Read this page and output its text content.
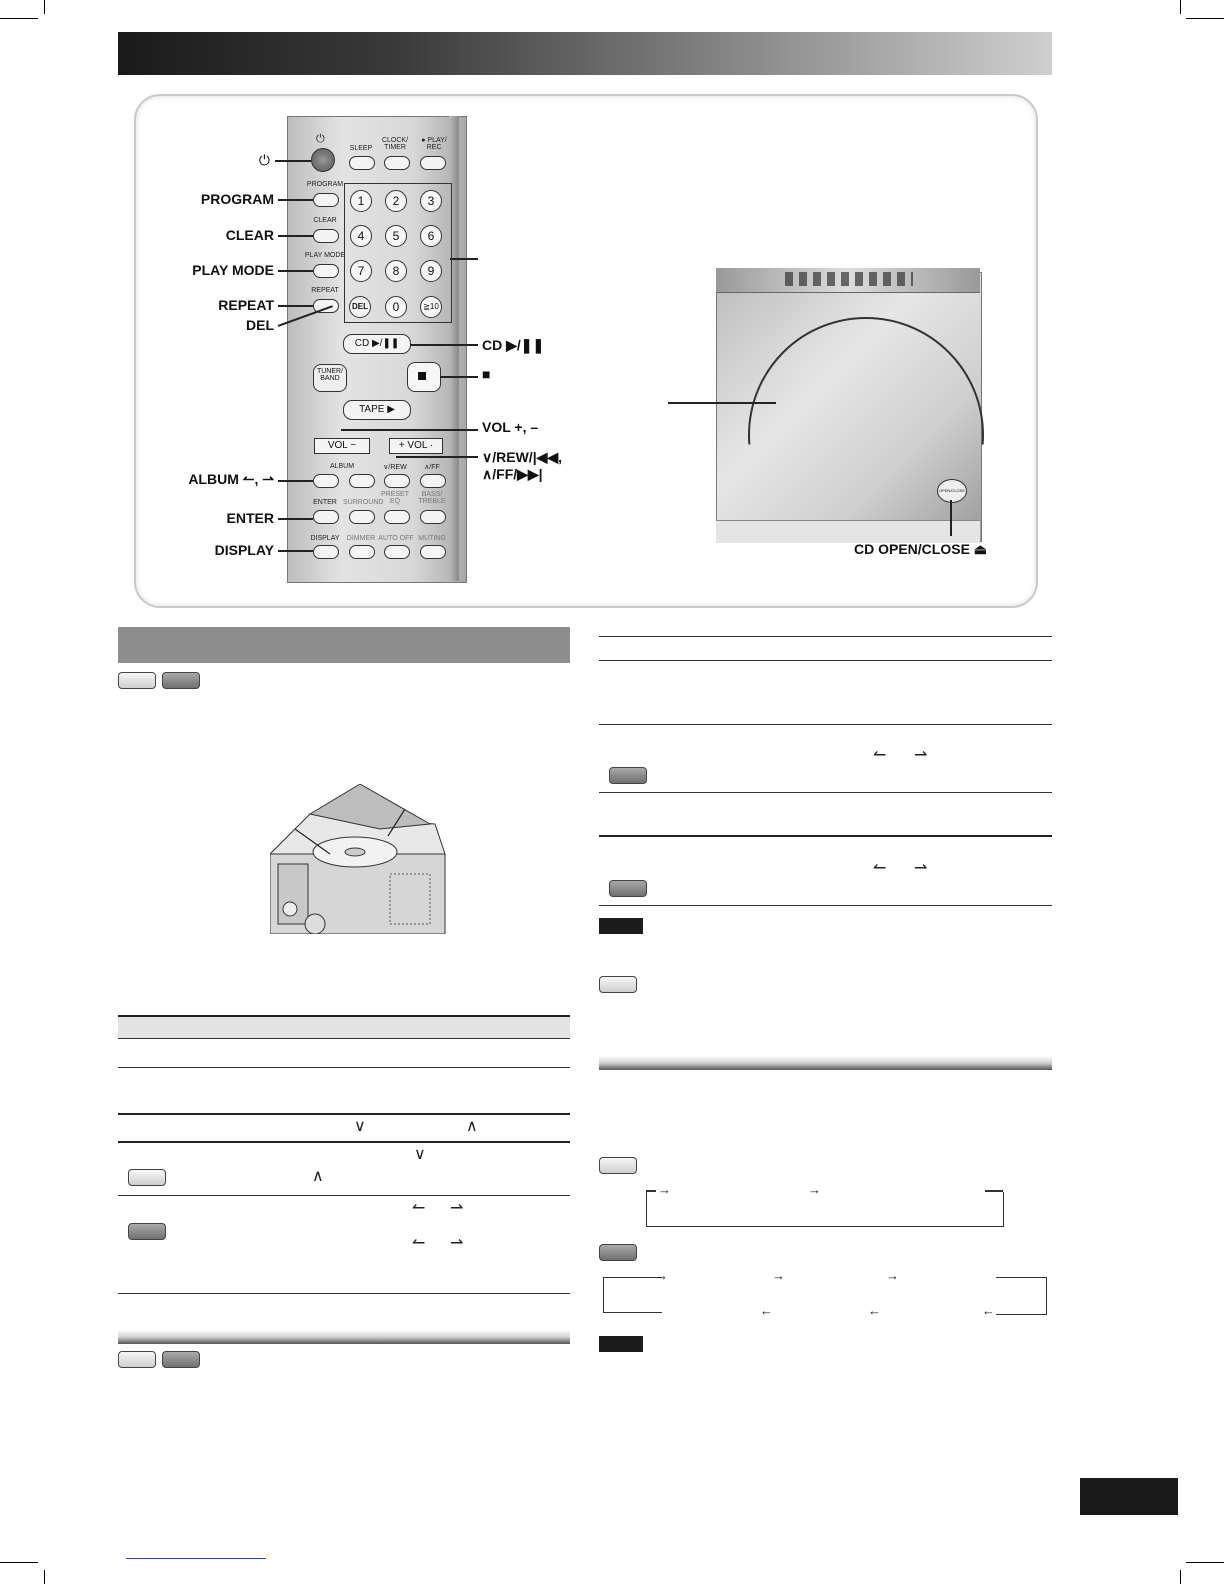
⏻
SLEEP
CLOCK/
TIMER
● PLAY/
REC
PROGRAM
CLEAR
PLAY MODE
REPEAT
DEL
1	2	3
4	5	6
7	8	9
0	≧10
CD ▶/❚❚
TUNER/
BAND
TAPE ▶
VOL −	+ VOL ·
ALBUM	∨/REW	∧/FF
ENTER SURROUND
PRESET
EQ
BASS/
TREBLE
DISPLAY	DIMMER AUTO OFF MUTING
⏻
PROGRAM
CLEAR
PLAY MODE
REPEAT
DEL
ALBUM ↼, ⇀
ENTER
DISPLAY
CD ▶/❚❚
■
VOL +, –
∨/REW/|◀◀,
∧/FF/▶▶|
OPEN/CLOSE
CD OPEN/CLOSE ⏏
∨	∧
∨
∧
↼ ⇀
↼ ⇀
↼ ⇀
↼ ⇀
→	→
→	→	→
←	←	←
